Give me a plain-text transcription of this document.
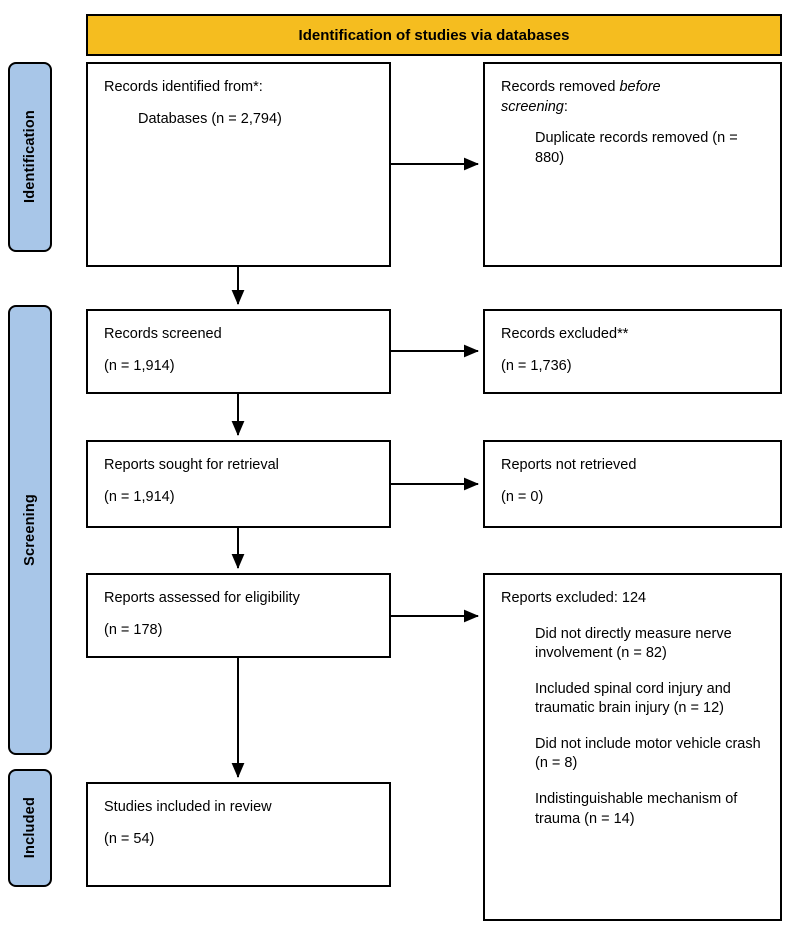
Identification of studies via databases
Identification
Screening
Included

Records identified from*:

Databases (n = 2,794)

Records removed before
screening:

Duplicate records removed (n = 880)

Records screened

(n = 1,914)

Records excluded**

(n = 1,736)

Reports sought for retrieval

(n = 1,914)

Reports not retrieved

(n = 0)

Reports assessed for eligibility

(n = 178)

Reports excluded: 124

Did not directly measure nerve involvement (n = 82)

Included spinal cord injury and traumatic brain injury (n = 12)

Did not include motor vehicle crash (n = 8)

Indistinguishable mechanism of trauma (n = 14)

Studies included in review

(n = 54)
